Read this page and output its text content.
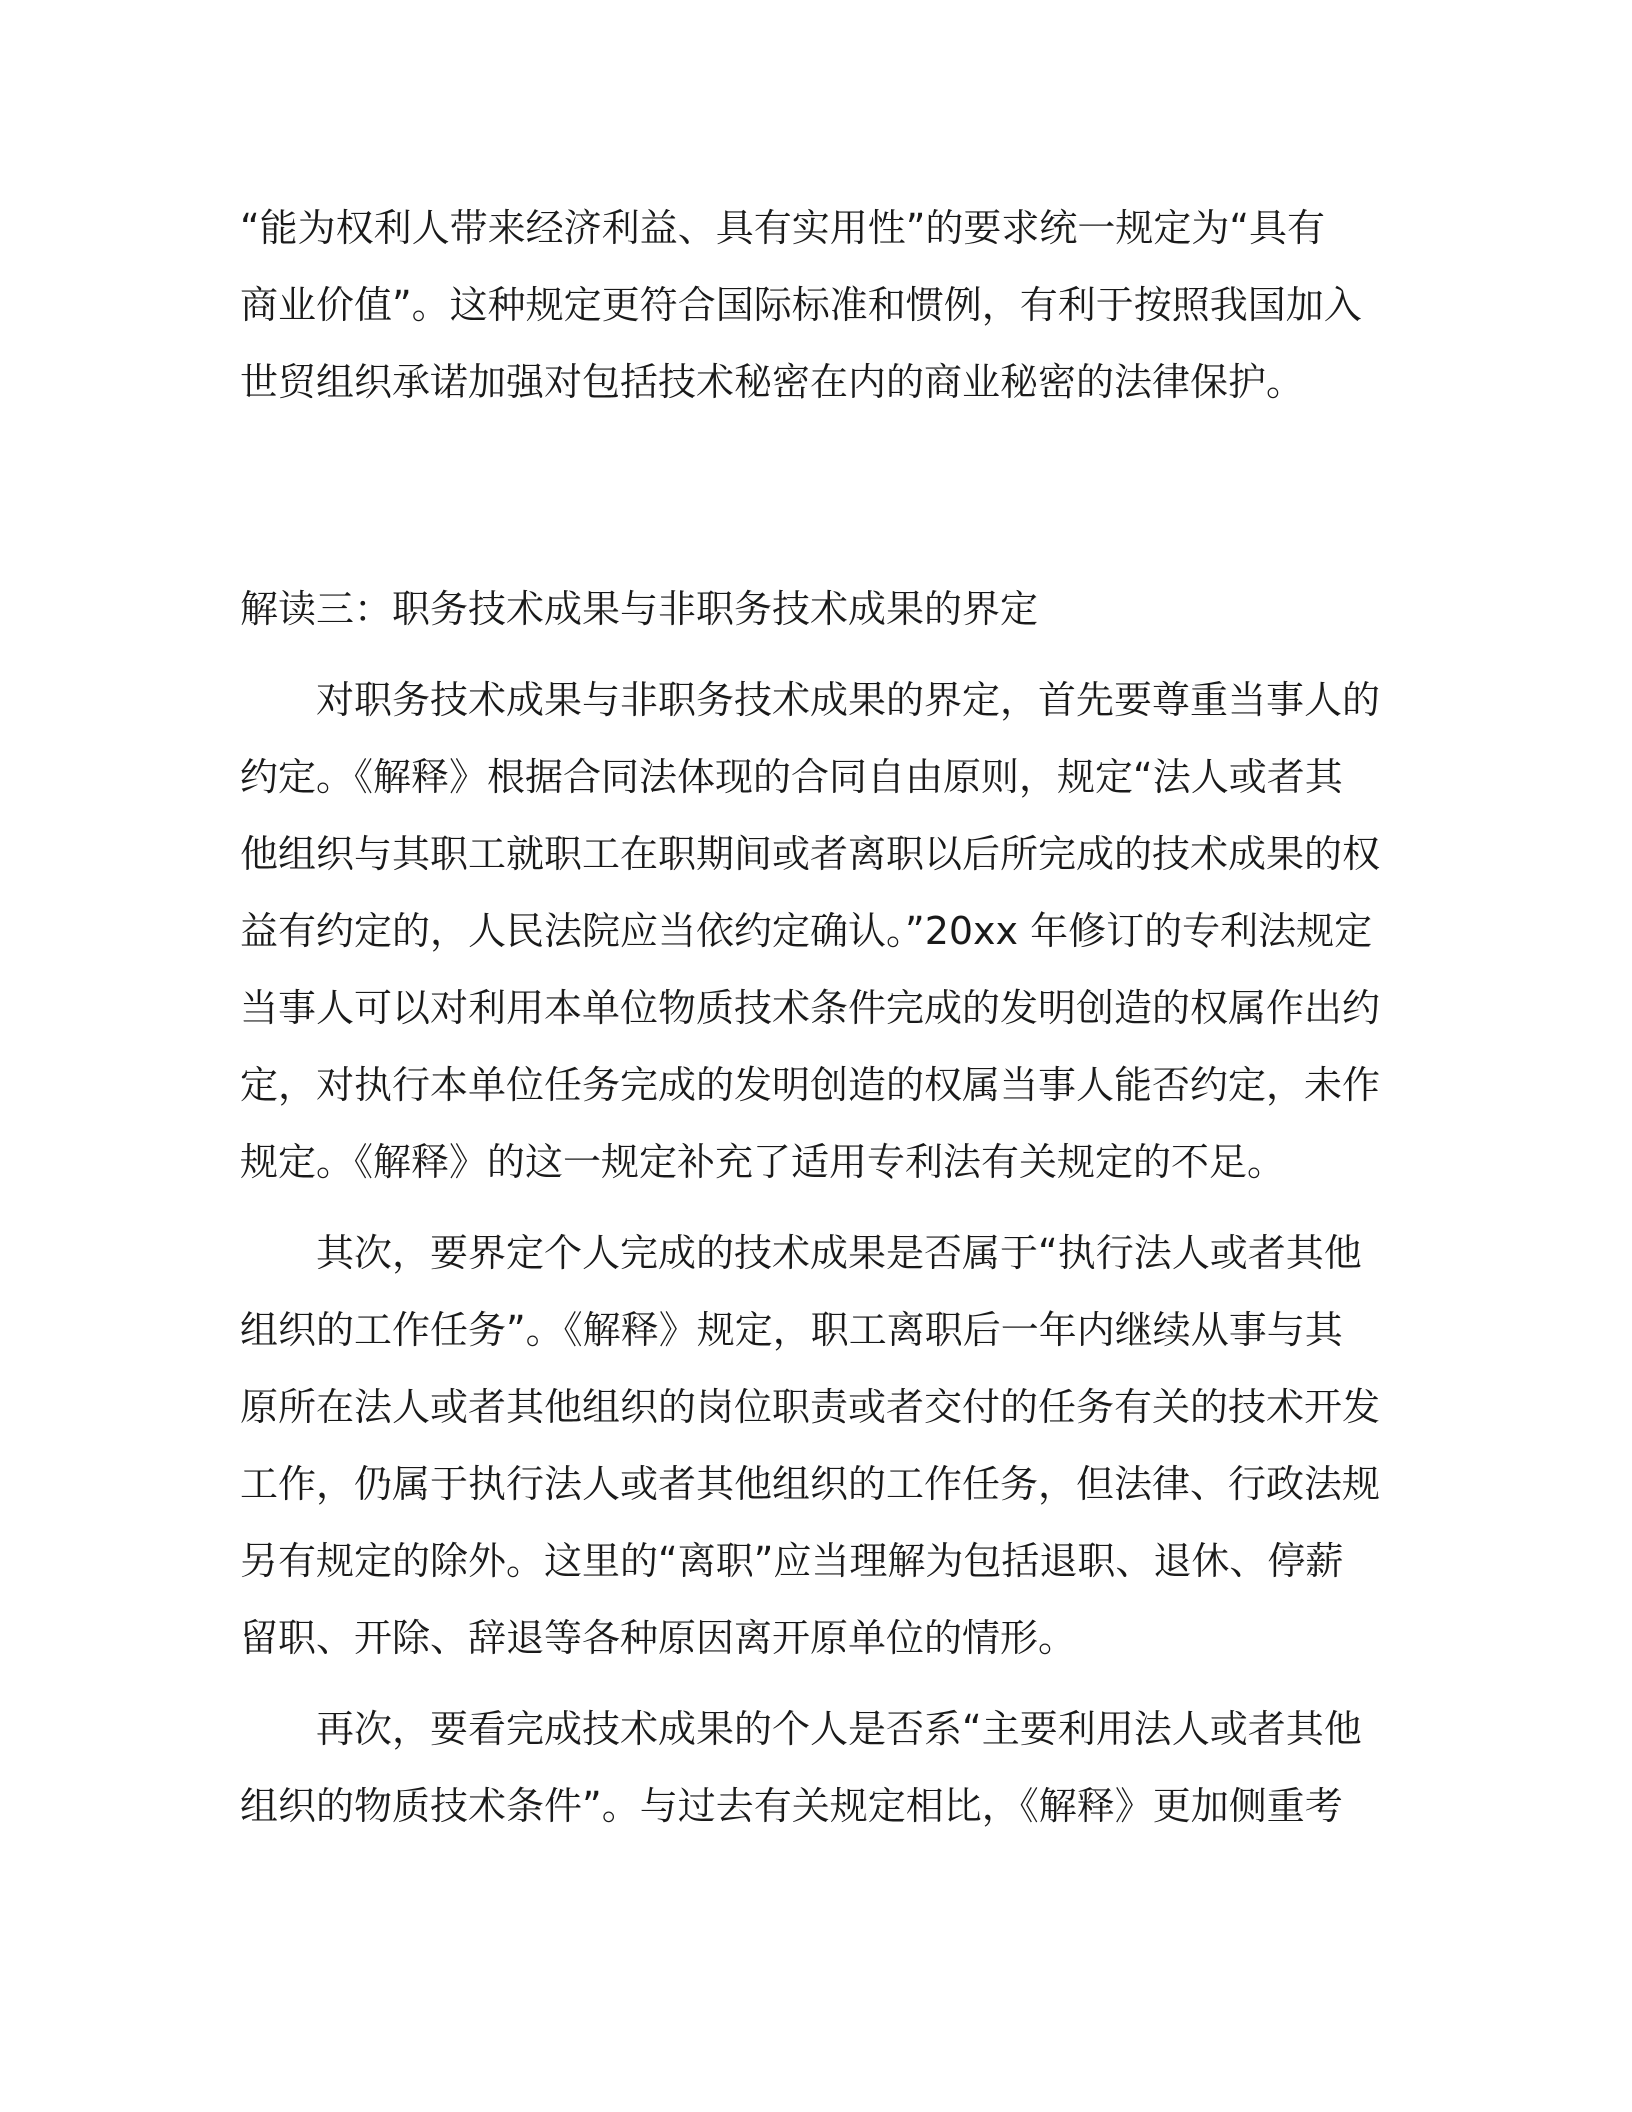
“能为权利人带来经济利益、具有实用性”的要求统一规定为“具有
商业价值”。这种规定更符合国际标准和惯例，有利于按照我国加入
世贸组织承诺加强对包括技术秘密在内的商业秘密的法律保护。
解读三：职务技术成果与非职务技术成果的界定
对职务技术成果与非职务技术成果的界定，首先要尊重当事人的
约定。《解释》根据合同法体现的合同自由原则，规定“法人或者其
他组织与其职工就职工在职期间或者离职以后所完成的技术成果的权
益有约定的，人民法院应当依约定确认。”20xx 年修订的专利法规定
当事人可以对利用本单位物质技术条件完成的发明创造的权属作出约
定，对执行本单位任务完成的发明创造的权属当事人能否约定，未作
规定。《解释》的这一规定补充了适用专利法有关规定的不足。
其次，要界定个人完成的技术成果是否属于“执行法人或者其他
组织的工作任务”。《解释》规定，职工离职后一年内继续从事与其
原所在法人或者其他组织的岗位职责或者交付的任务有关的技术开发
工作，仍属于执行法人或者其他组织的工作任务，但法律、行政法规
另有规定的除外。这里的“离职”应当理解为包括退职、退休、停薪
留职、开除、辞退等各种原因离开原单位的情形。
再次，要看完成技术成果的个人是否系“主要利用法人或者其他
组织的物质技术条件”。与过去有关规定相比，《解释》更加侧重考
